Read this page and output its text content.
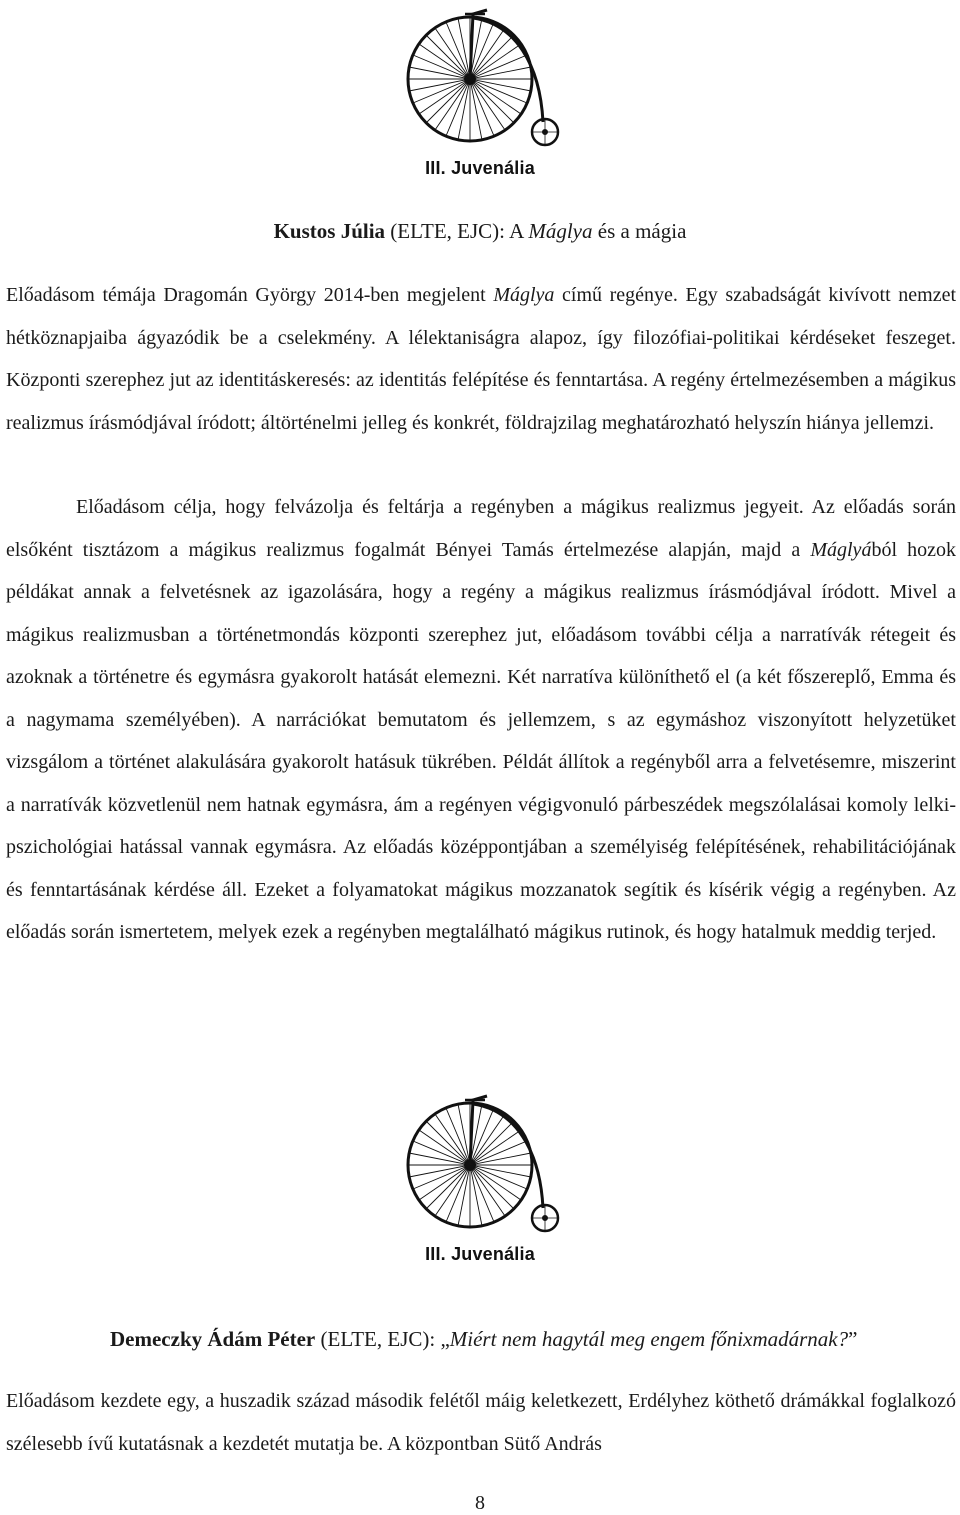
III. Juvenália
Kustos Júlia (ELTE, EJC): A Máglya és a mágia
Előadásom témája Dragomán György 2014-ben megjelent Máglya című regénye. Egy szabadságát kivívott nemzet hétköznapjaiba ágyazódik be a cselekmény. A lélektaniságra alapoz, így filozófiai-politikai kérdéseket feszeget. Központi szerephez jut az identitáskeresés: az identitás felépítése és fenntartása. A regény értelmezésemben a mágikus realizmus írásmódjával íródott; áltörténelmi jelleg és konkrét, földrajzilag meghatározható helyszín hiánya jellemzi.
Előadásom célja, hogy felvázolja és feltárja a regényben a mágikus realizmus jegyeit. Az előadás során elsőként tisztázom a mágikus realizmus fogalmát Bényei Tamás értelmezése alapján, majd a Máglyából hozok példákat annak a felvetésnek az igazolására, hogy a regény a mágikus realizmus írásmódjával íródott. Mivel a mágikus realizmusban a történetmondás központi szerephez jut, előadásom további célja a narratívák rétegeit és azoknak a történetre és egymásra gyakorolt hatását elemezni. Két narratíva különíthető el (a két főszereplő, Emma és a nagymama személyében). A narrációkat bemutatom és jellemzem, s az egymáshoz viszonyított helyzetüket vizsgálom a történet alakulására gyakorolt hatásuk tükrében. Példát állítok a regényből arra a felvetésemre, miszerint a narratívák közvetlenül nem hatnak egymásra, ám a regényen végigvonuló párbeszédek megszólalásai komoly lelki-pszichológiai hatással vannak egymásra. Az előadás középpontjában a személyiség felépítésének, rehabilitációjának és fenntartásának kérdése áll. Ezeket a folyamatokat mágikus mozzanatok segítik és kísérik végig a regényben. Az előadás során ismertetem, melyek ezek a regényben megtalálható mágikus rutinok, és hogy hatalmuk meddig terjed.
III. Juvenália
Demeczky Ádám Péter (ELTE, EJC): „Miért nem hagytál meg engem főnixmadárnak?”
Előadásom kezdete egy, a huszadik század második felétől máig keletkezett, Erdélyhez köthető drámákkal foglalkozó szélesebb ívű kutatásnak a kezdetét mutatja be. A központban Sütő András
8
